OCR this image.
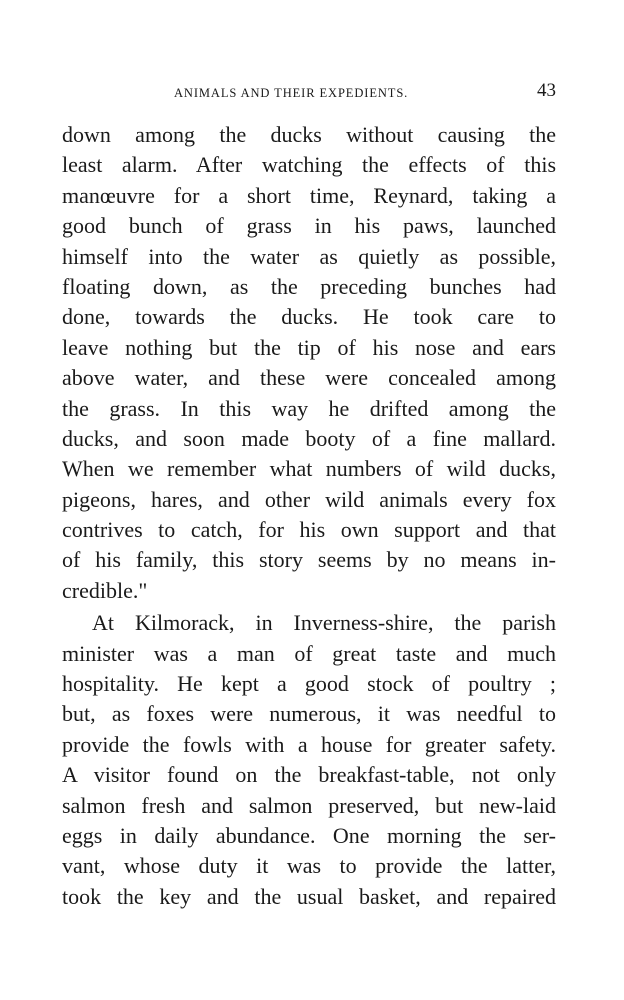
ANIMALS AND THEIR EXPEDIENTS.	43
down among the ducks without causing the
least alarm. After watching the effects of this
manœuvre for a short time, Reynard, taking a
good bunch of grass in his paws, launched
himself into the water as quietly as possible,
floating down, as the preceding bunches had
done, towards the ducks. He took care to
leave nothing but the tip of his nose and ears
above water, and these were concealed among
the grass. In this way he drifted among the
ducks, and soon made booty of a fine mallard.
When we remember what numbers of wild ducks,
pigeons, hares, and other wild animals every fox
contrives to catch, for his own support and that
of his family, this story seems by no means in-
credible."
At Kilmorack, in Inverness-shire, the parish
minister was a man of great taste and much
hospitality. He kept a good stock of poultry ;
but, as foxes were numerous, it was needful to
provide the fowls with a house for greater safety.
A visitor found on the breakfast-table, not only
salmon fresh and salmon preserved, but new-laid
eggs in daily abundance. One morning the ser-
vant, whose duty it was to provide the latter,
took the key and the usual basket, and repaired
